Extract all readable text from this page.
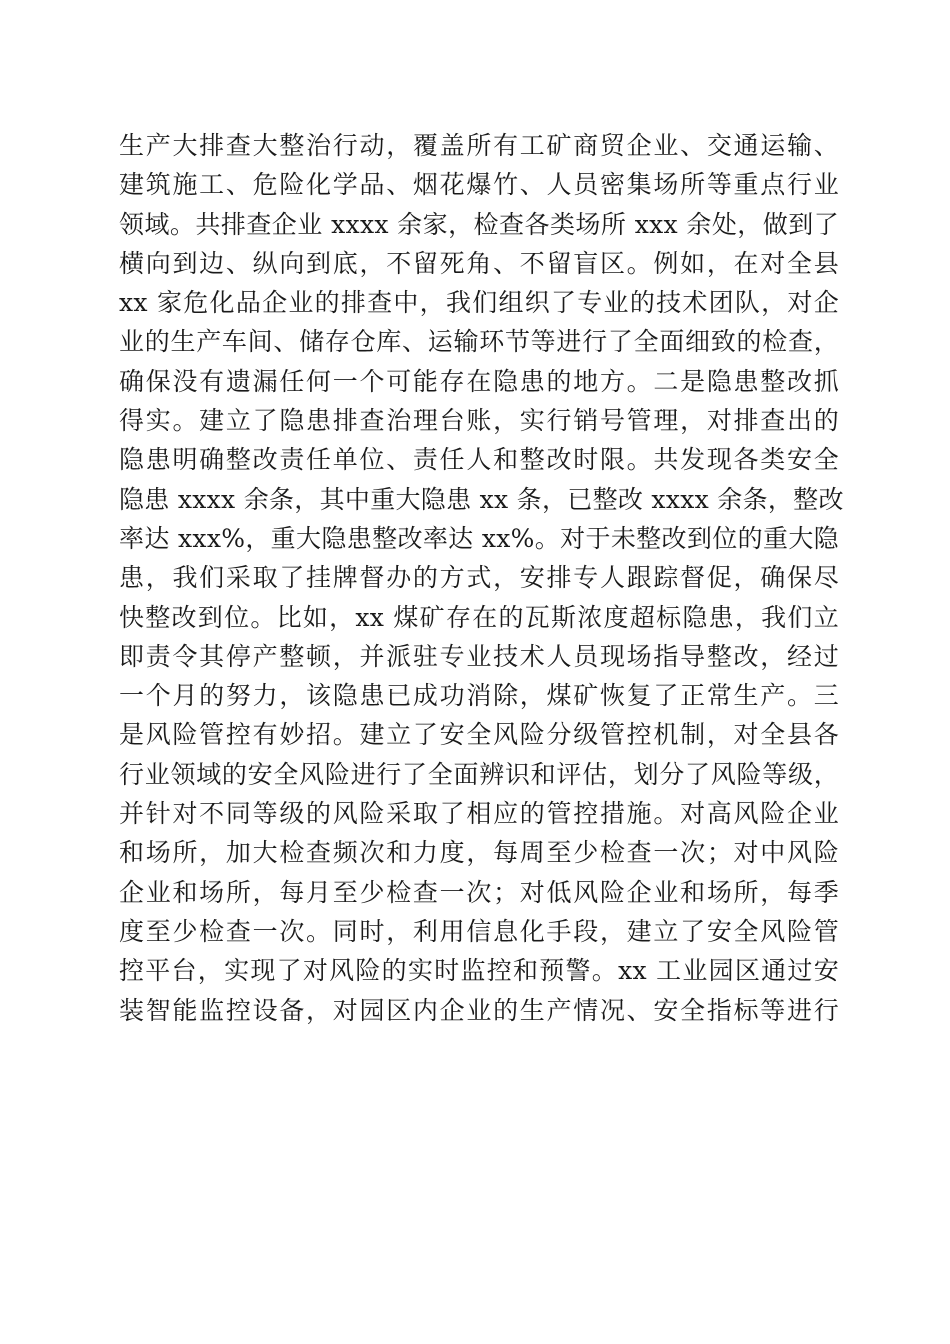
生产大排查大整治行动，覆盖所有工矿商贸企业、交通运输、
建筑施工、危险化学品、烟花爆竹、人员密集场所等重点行业
领域。共排查企业 xxxx 余家，检查各类场所 xxx 余处，做到了
横向到边、纵向到底，不留死角、不留盲区。例如，在对全县
xx 家危化品企业的排查中，我们组织了专业的技术团队，对企
业的生产车间、储存仓库、运输环节等进行了全面细致的检查，
确保没有遗漏任何一个可能存在隐患的地方。二是隐患整改抓
得实。建立了隐患排查治理台账，实行销号管理，对排查出的
隐患明确整改责任单位、责任人和整改时限。共发现各类安全
隐患 xxxx 余条，其中重大隐患 xx 条，已整改 xxxx 余条，整改
率达 xxx%，重大隐患整改率达 xx%。对于未整改到位的重大隐
患，我们采取了挂牌督办的方式，安排专人跟踪督促，确保尽
快整改到位。比如，xx 煤矿存在的瓦斯浓度超标隐患，我们立
即责令其停产整顿，并派驻专业技术人员现场指导整改，经过
一个月的努力，该隐患已成功消除，煤矿恢复了正常生产。三
是风险管控有妙招。建立了安全风险分级管控机制，对全县各
行业领域的安全风险进行了全面辨识和评估，划分了风险等级，
并针对不同等级的风险采取了相应的管控措施。对高风险企业
和场所，加大检查频次和力度，每周至少检查一次；对中风险
企业和场所，每月至少检查一次；对低风险企业和场所，每季
度至少检查一次。同时，利用信息化手段，建立了安全风险管
控平台，实现了对风险的实时监控和预警。xx 工业园区通过安
装智能监控设备，对园区内企业的生产情况、安全指标等进行
